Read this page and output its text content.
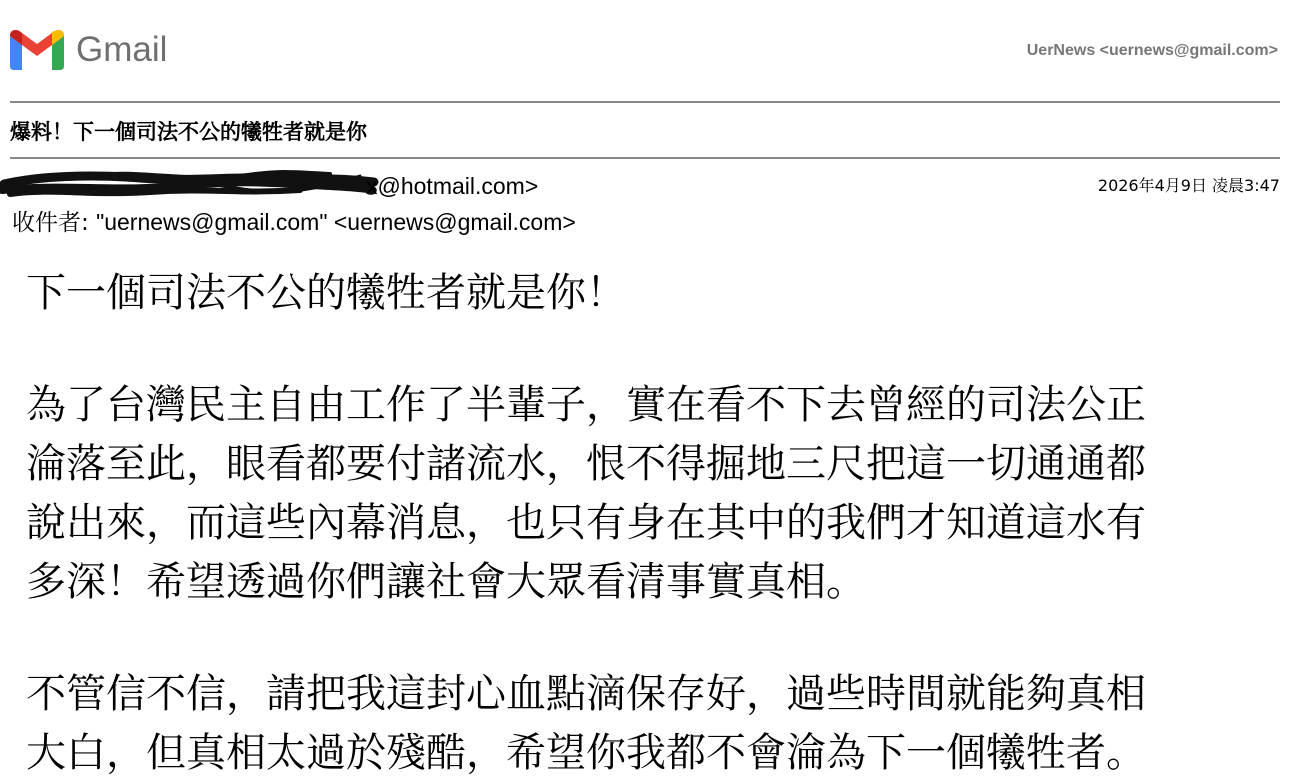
Gmail	UerNews <uernews@gmail.com>
爆料！下一個司法不公的犧牲者就是你
x@hotmail.com>	2026年4月9日 凌晨3:47
收件者: "uernews@gmail.com" <uernews@gmail.com>
下一個司法不公的犧牲者就是你！
為了台灣民主自由工作了半輩子，實在看不下去曾經的司法公正
淪落至此，眼看都要付諸流水，恨不得掘地三尺把這一切通通都
說出來，而這些內幕消息，也只有身在其中的我們才知道這水有
多深！希望透過你們讓社會大眾看清事實真相。
不管信不信，請把我這封心血點滴保存好，過些時間就能夠真相
大白，但真相太過於殘酷，希望你我都不會淪為下一個犧牲者。
